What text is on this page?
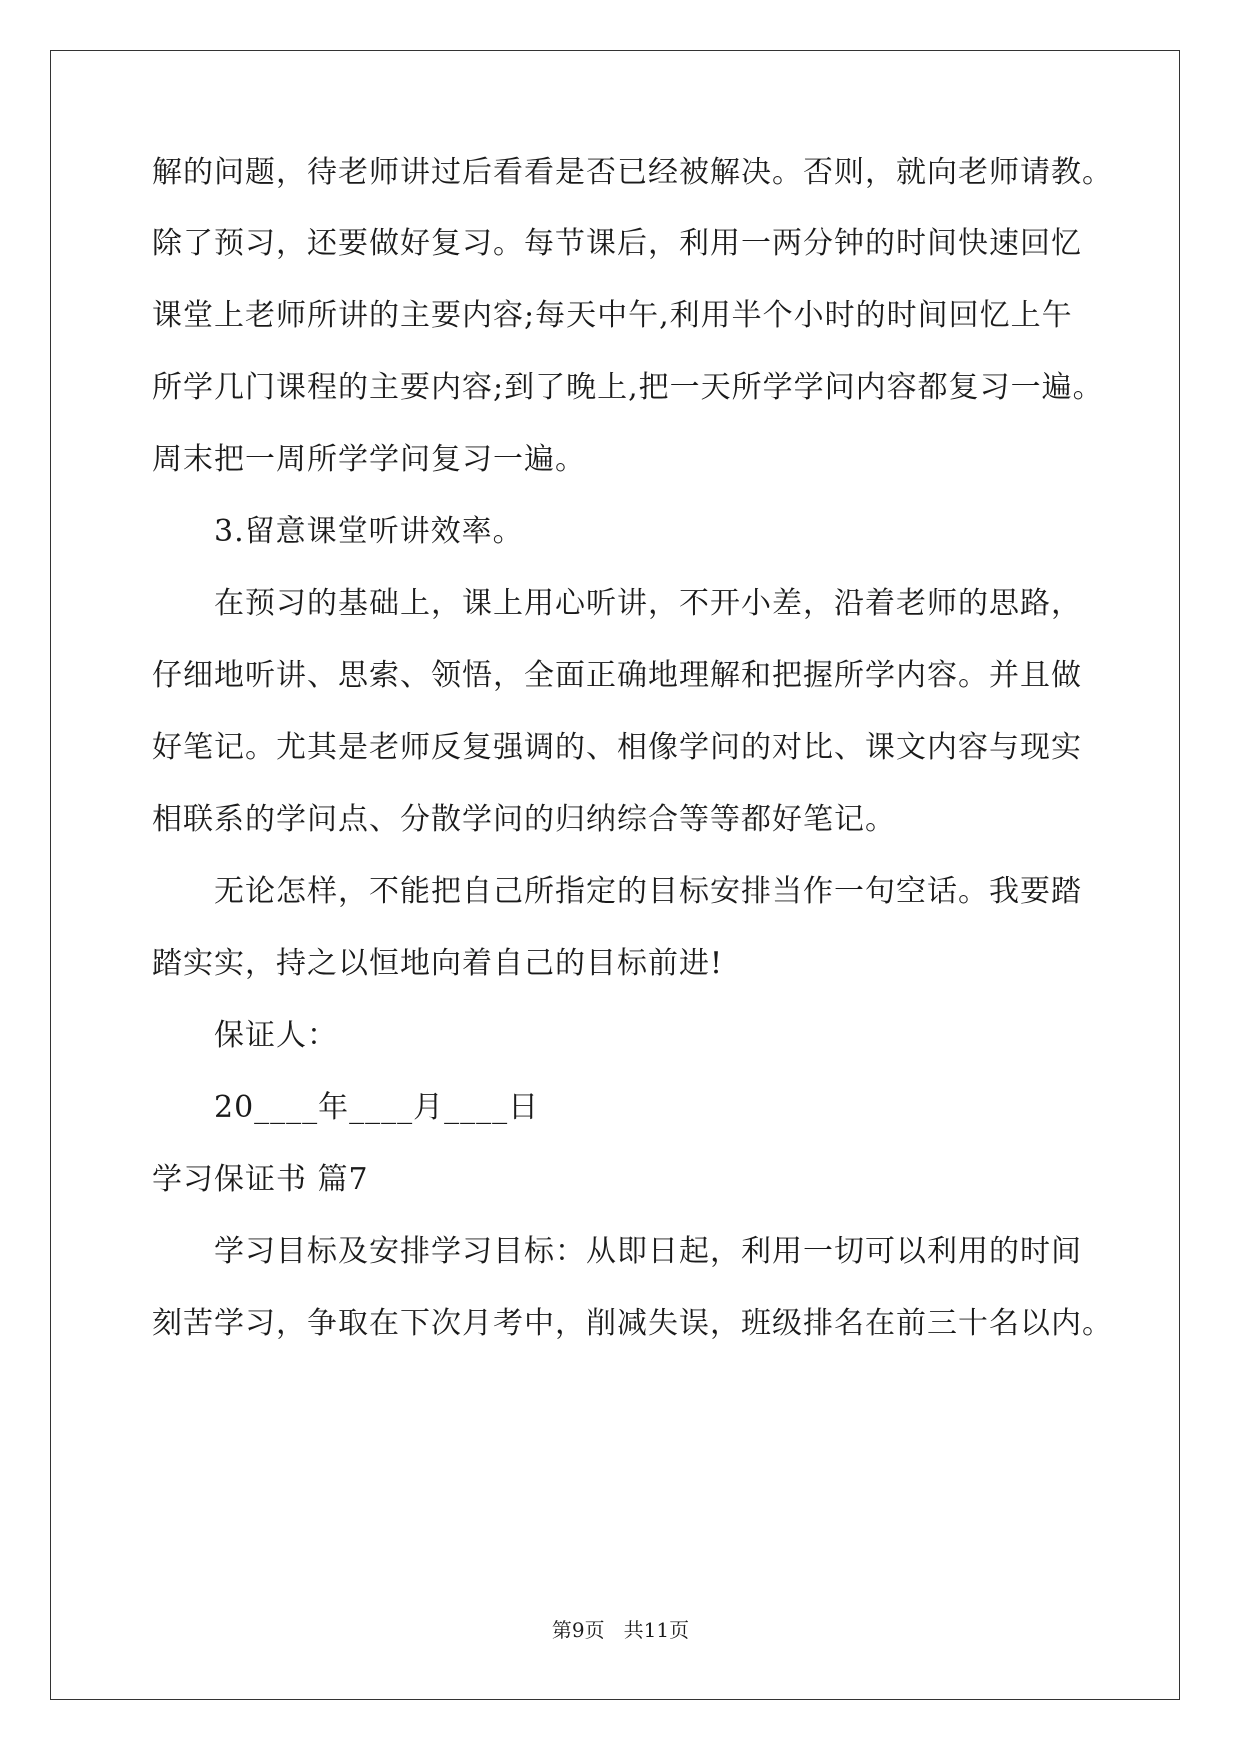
解的问题，待老师讲过后看看是否已经被解决。否则，就向老师请教。
除了预习，还要做好复习。每节课后，利用一两分钟的时间快速回忆
课堂上老师所讲的主要内容;每天中午,利用半个小时的时间回忆上午
所学几门课程的主要内容;到了晚上,把一天所学学问内容都复习一遍。
周末把一周所学学问复习一遍。
3.留意课堂听讲效率。
在预习的基础上，课上用心听讲，不开小差，沿着老师的思路，
仔细地听讲、思索、领悟，全面正确地理解和把握所学内容。并且做
好笔记。尤其是老师反复强调的、相像学问的对比、课文内容与现实
相联系的学问点、分散学问的归纳综合等等都好笔记。
无论怎样，不能把自己所指定的目标安排当作一句空话。我要踏
踏实实，持之以恒地向着自己的目标前进!
保证人：
20____年____月____日
学习保证书 篇7
学习目标及安排学习目标：从即日起，利用一切可以利用的时间
刻苦学习，争取在下次月考中，削减失误，班级排名在前三十名以内。
第9页   共11页
